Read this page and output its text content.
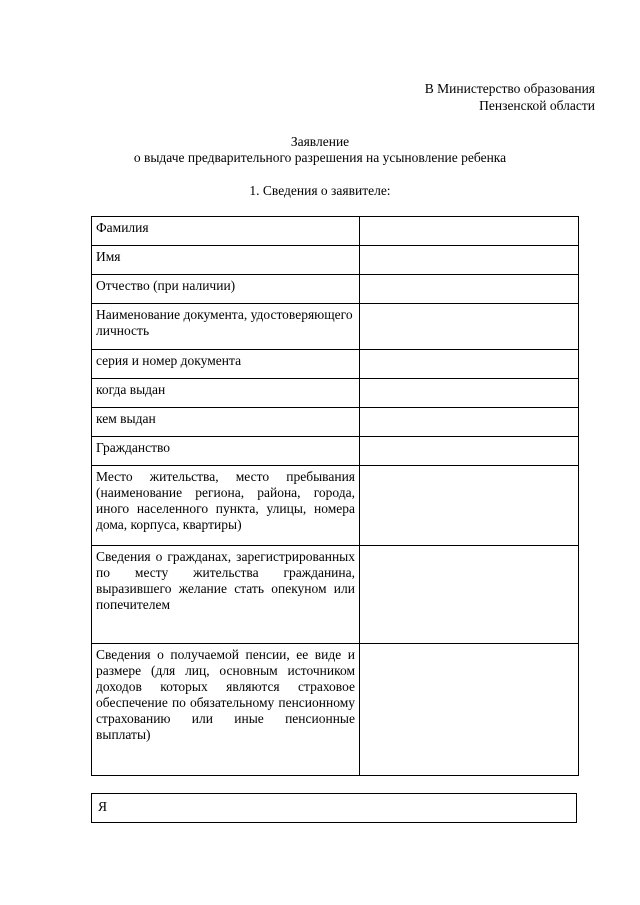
В Министерство образования
Пензенской области
Заявление
о выдаче предварительного разрешения на усыновление ребенка
1. Сведения о заявителе:
Фамилия	
Имя	
Отчество (при наличии)	
Наименование документа, удостоверяющего личность	
серия и номер документа	
когда выдан	
кем выдан	
Гражданство	
Место жительства, место пребывания (наименование региона, района, города, иного населенного пункта, улицы, номера дома, корпуса, квартиры)	
Сведения о гражданах, зарегистрированных по месту жительства гражданина, выразившего желание стать опекуном или попечителем	
Сведения о получаемой пенсии, ее виде и размере (для лиц, основным источником доходов которых являются страховое обеспечение по обязательному пенсионному страхованию или иные пенсионные выплаты)	
Я
